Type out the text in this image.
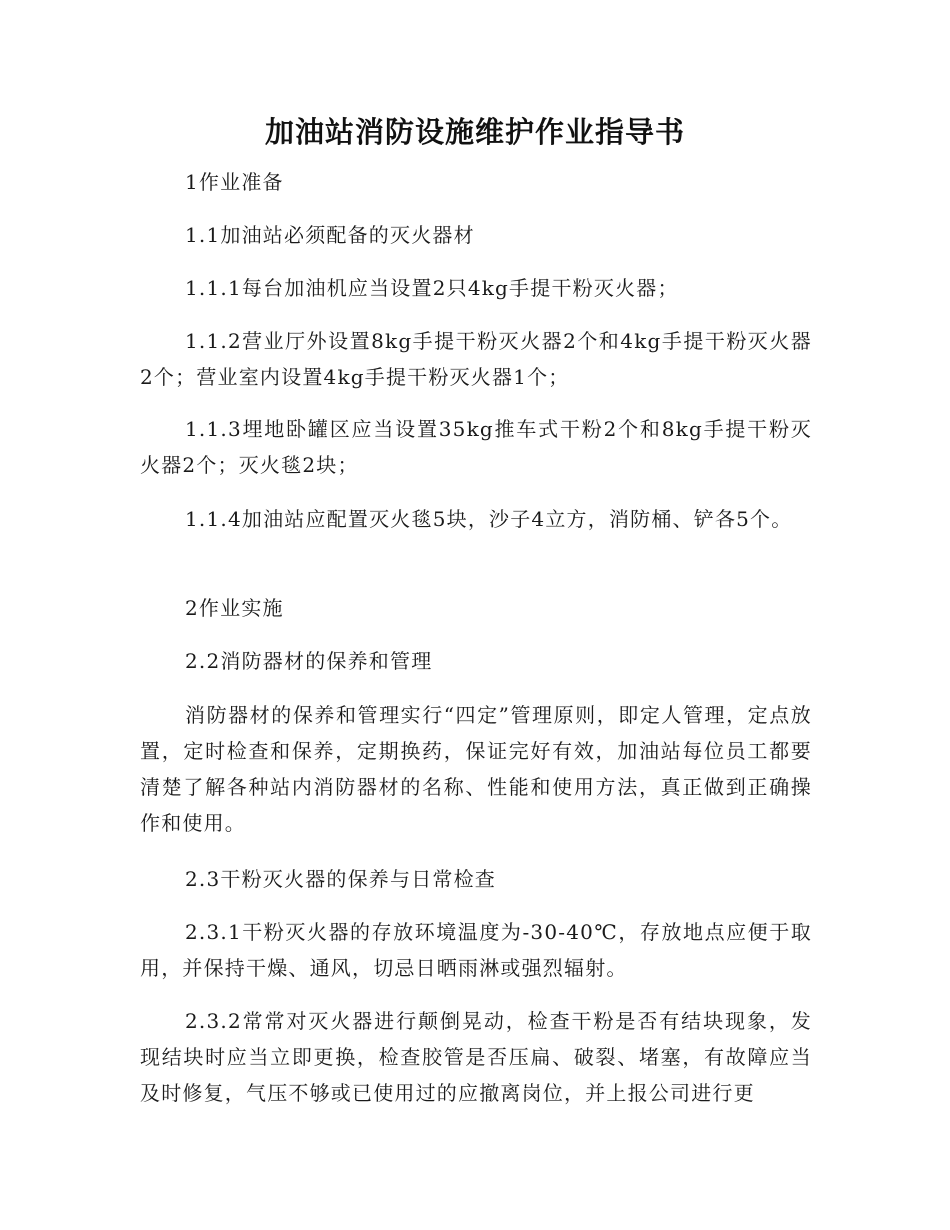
加油站消防设施维护作业指导书

1作业准备

1.1加油站必须配备的灭火器材

1.1.1每台加油机应当设置2只4kg手提干粉灭火器；

1.1.2营业厅外设置8kg手提干粉灭火器2个和4kg手提干粉灭火器2个；营业室内设置4kg手提干粉灭火器1个；

1.1.3埋地卧罐区应当设置35kg推车式干粉2个和8kg手提干粉灭火器2个；灭火毯2块；

1.1.4加油站应配置灭火毯5块，沙子4立方，消防桶、铲各5个。

2作业实施

2.2消防器材的保养和管理

消防器材的保养和管理实行“四定”管理原则，即定人管理，定点放置，定时检查和保养，定期换药，保证完好有效，加油站每位员工都要清楚了解各种站内消防器材的名称、性能和使用方法，真正做到正确操作和使用。

2.3干粉灭火器的保养与日常检查

2.3.1干粉灭火器的存放环境温度为-30-40℃，存放地点应便于取用，并保持干燥、通风，切忌日晒雨淋或强烈辐射。

2.3.2常常对灭火器进行颠倒晃动，检查干粉是否有结块现象，发现结块时应当立即更换，检查胶管是否压扁、破裂、堵塞，有故障应当及时修复，气压不够或已使用过的应撤离岗位，并上报公司进行更
